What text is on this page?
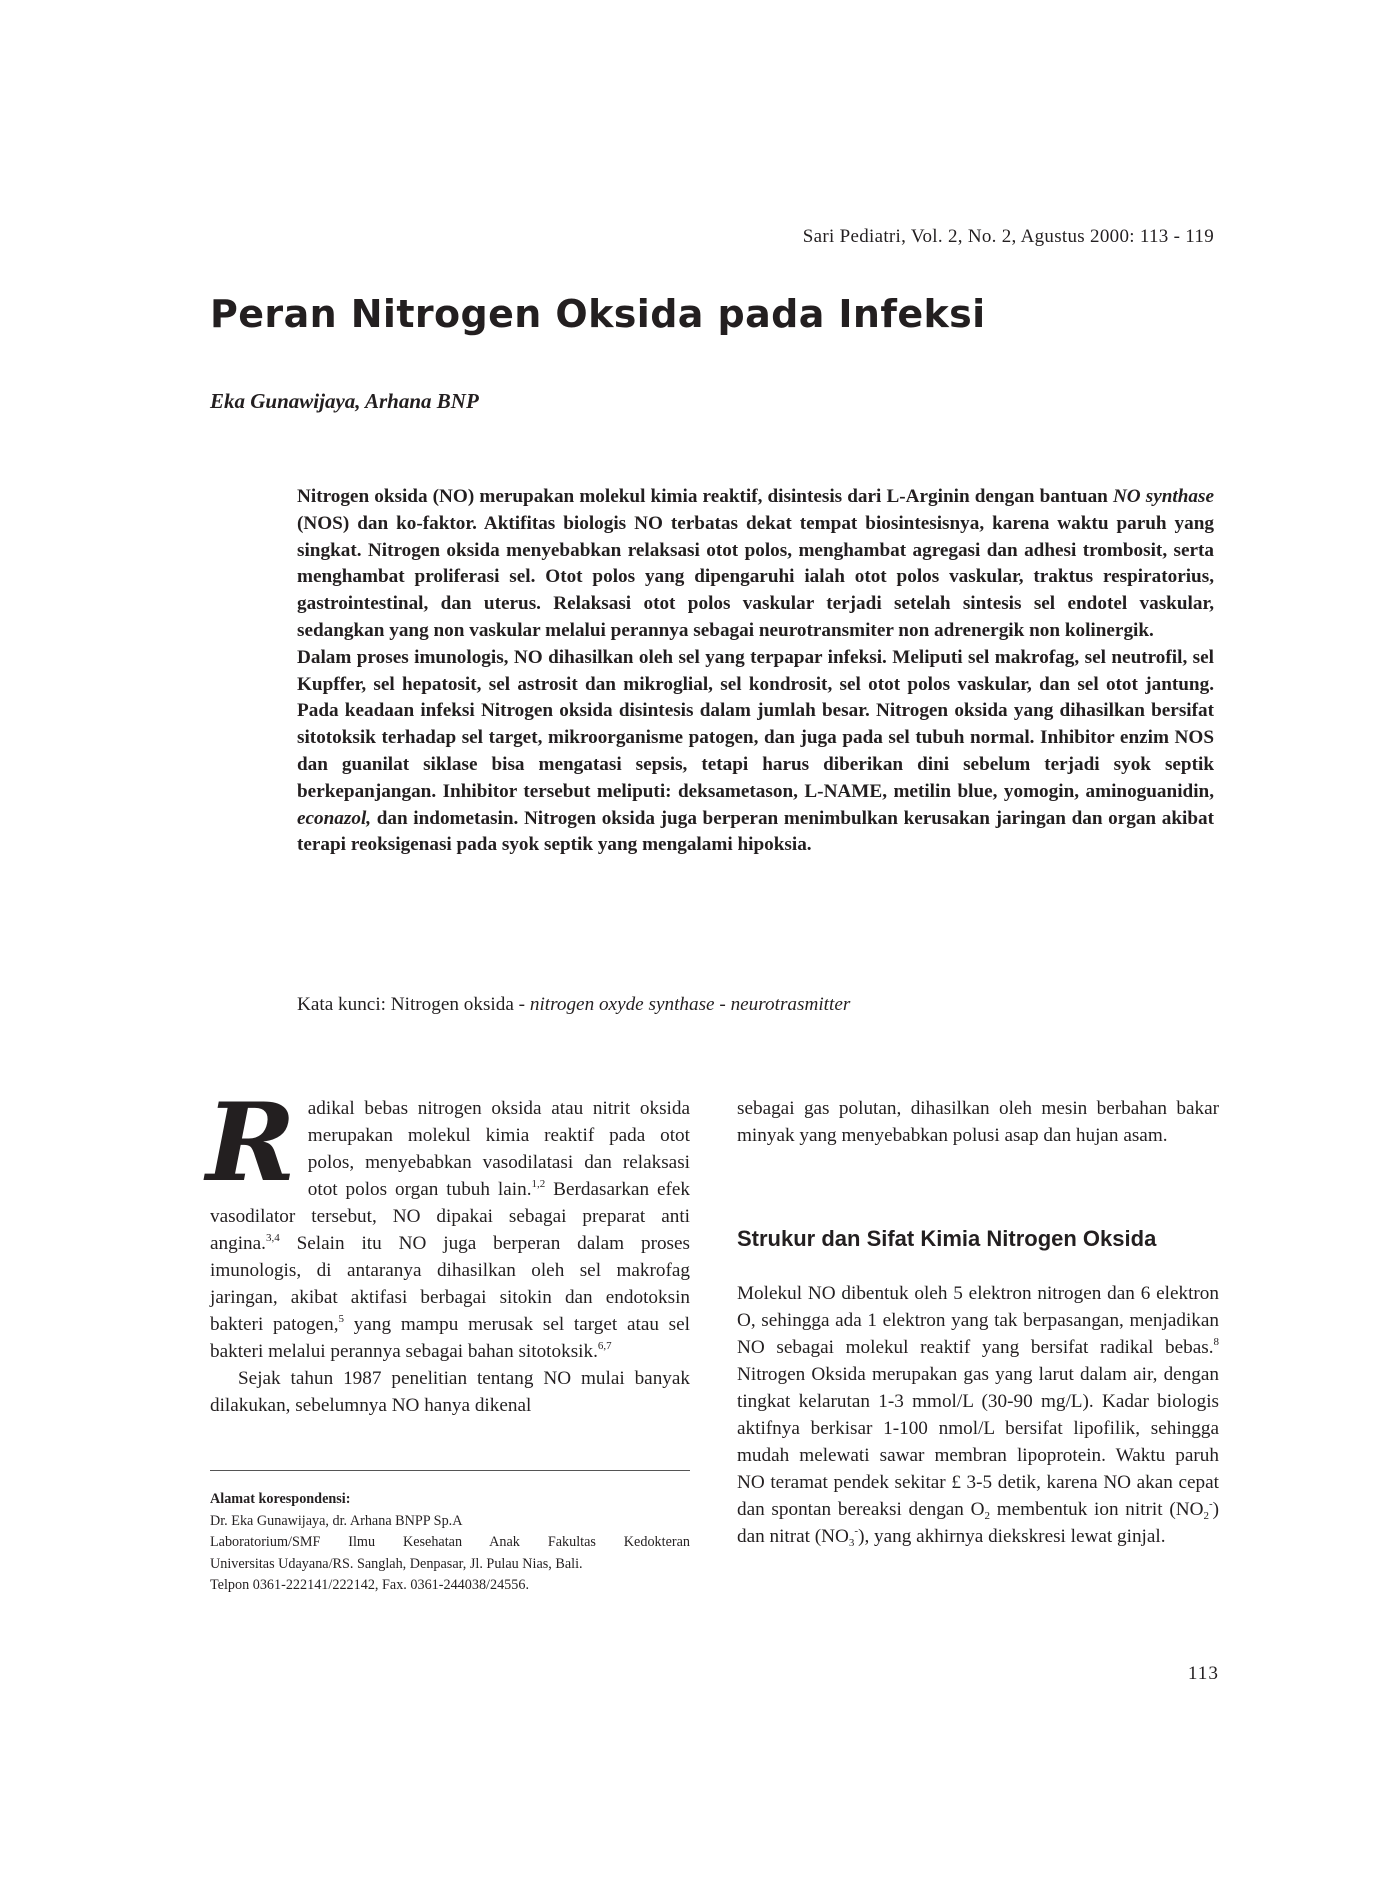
Sari Pediatri, Vol. 2, No. 2, Agustus 2000: 113 - 119
Peran Nitrogen Oksida pada Infeksi
Eka Gunawijaya, Arhana BNP

Nitrogen oksida (NO) merupakan molekul kimia reaktif, disintesis dari L-Arginin dengan bantuan NO synthase (NOS) dan ko-faktor. Aktifitas biologis NO terbatas dekat tempat biosintesisnya, karena waktu paruh yang singkat. Nitrogen oksida menyebabkan relaksasi otot polos, menghambat agregasi dan adhesi trombosit, serta menghambat proliferasi sel. Otot polos yang dipengaruhi ialah otot polos vaskular, traktus respiratorius, gastrointestinal, dan uterus. Relaksasi otot polos vaskular terjadi setelah sintesis sel endotel vaskular, sedangkan yang non vaskular melalui perannya sebagai neurotransmiter non adrenergik non kolinergik.

Dalam proses imunologis, NO dihasilkan oleh sel yang terpapar infeksi. Meliputi sel makrofag, sel neutrofil, sel Kupffer, sel hepatosit, sel astrosit dan mikroglial, sel kondrosit, sel otot polos vaskular, dan sel otot jantung. Pada keadaan infeksi Nitrogen oksida disintesis dalam jumlah besar. Nitrogen oksida yang dihasilkan bersifat sitotoksik terhadap sel target, mikroorganisme patogen, dan juga pada sel tubuh normal. Inhibitor enzim NOS dan guanilat siklase bisa mengatasi sepsis, tetapi harus diberikan dini sebelum terjadi syok septik berkepanjangan. Inhibitor tersebut meliputi: deksametason, L-NAME, metilin blue, yomogin, aminoguanidin, econazol, dan indometasin. Nitrogen oksida juga berperan menimbulkan kerusakan jaringan dan organ akibat terapi reoksigenasi pada syok septik yang mengalami hipoksia.

Kata kunci: Nitrogen oksida - nitrogen oxyde synthase - neurotrasmitter

Radikal bebas nitrogen oksida atau nitrit oksida merupakan molekul kimia reaktif pada otot polos, menyebabkan vasodilatasi dan relaksasi otot polos organ tubuh lain.$^{1,2}$ Berdasarkan efek vasodilator tersebut, NO dipakai sebagai preparat anti angina.$^{3,4}$ Selain itu NO juga berperan dalam proses imunologis, di antaranya dihasilkan oleh sel makrofag jaringan, akibat aktifasi berbagai sitokin dan endotoksin bakteri patogen,$^5$ yang mampu merusak sel target atau sel bakteri melalui perannya sebagai bahan sitotoksik.$^{6,7}$

Sejak tahun 1987 penelitian tentang NO mulai banyak dilakukan, sebelumnya NO hanya dikenal

Alamat korespondensi:
Dr. Eka Gunawijaya, dr. Arhana BNPP Sp.A
Laboratorium/SMF Ilmu Kesehatan Anak Fakultas Kedokteran
Universitas Udayana/RS. Sanglah, Denpasar, Jl. Pulau Nias, Bali.
Telpon 0361-222141/222142, Fax. 0361-244038/24556.

sebagai gas polutan, dihasilkan oleh mesin berbahan bakar minyak yang menyebabkan polusi asap dan hujan asam.

Strukur dan Sifat Kimia Nitrogen Oksida

Molekul NO dibentuk oleh 5 elektron nitrogen dan 6 elektron O, sehingga ada 1 elektron yang tak berpasangan, menjadikan NO sebagai molekul reaktif yang bersifat radikal bebas.$^8$ Nitrogen Oksida merupakan gas yang larut dalam air, dengan tingkat kelarutan 1-3 mmol/L (30-90 mg/L). Kadar biologis aktifnya berkisar 1-100 nmol/L bersifat lipofilik, sehingga mudah melewati sawar membran lipoprotein. Waktu paruh NO teramat pendek sekitar £ 3-5 detik, karena NO akan cepat dan spontan bereaksi dengan $O_2$ membentuk ion nitrit $(NO_2^-)$ dan nitrat $(NO_3^-)$, yang akhirnya diekskresi lewat ginjal.

113
